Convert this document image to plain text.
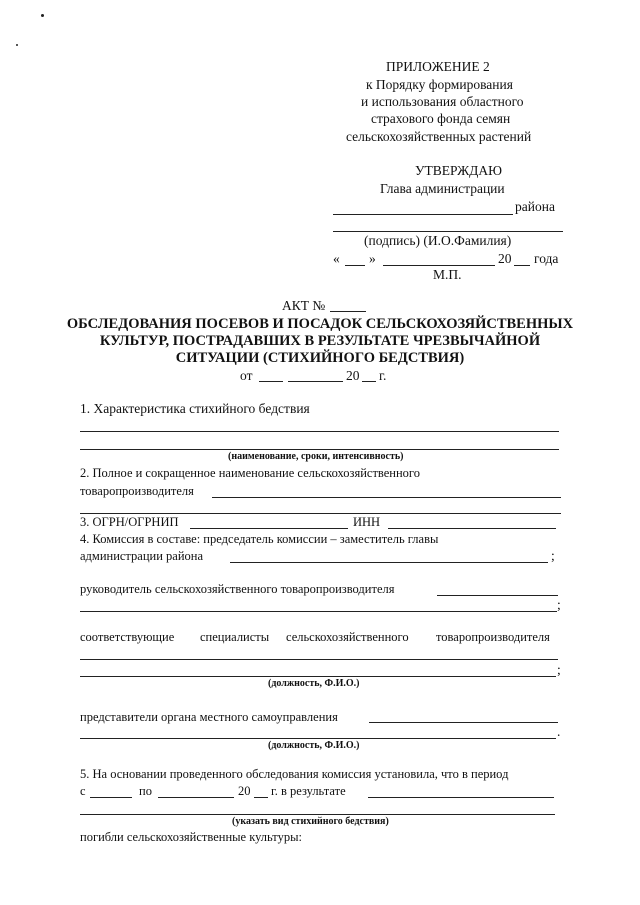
ПРИЛОЖЕНИЕ 2
к Порядку формирования
и использования областного
страхового фонда семян
сельскохозяйственных растений
УТВЕРЖДАЮ
Глава администрации
района
(подпись) (И.О.Фамилия)
« »	20 года
М.П.
АКТ №
ОБСЛЕДОВАНИЯ ПОСЕВОВ И ПОСАДОК СЕЛЬСКОХОЗЯЙСТВЕННЫХ
КУЛЬТУР, ПОСТРАДАВШИХ В РЕЗУЛЬТАТЕ ЧРЕЗВЫЧАЙНОЙ
СИТУАЦИИ (СТИХИЙНОГО БЕДСТВИЯ)
от	20 г.
1. Характеристика стихийного бедствия
(наименование, сроки, интенсивность)
2. Полное и сокращенное наименование сельскохозяйственного
товаропроизводителя
3. ОГРН/ОГРНИП	ИНН
4. Комиссия в составе: председатель комиссии – заместитель главы
администрации района	;
руководитель сельскохозяйственного товаропроизводителя
;
соответствующие специалисты сельскохозяйственного товаропроизводителя
;
(должность, Ф.И.О.)
представители органа местного самоуправления
.
(должность, Ф.И.О.)
5. На основании проведенного обследования комиссия установила, что в период
с	по	20 г. в результате
(указать вид стихийного бедствия)
погибли сельскохозяйственные культуры:
